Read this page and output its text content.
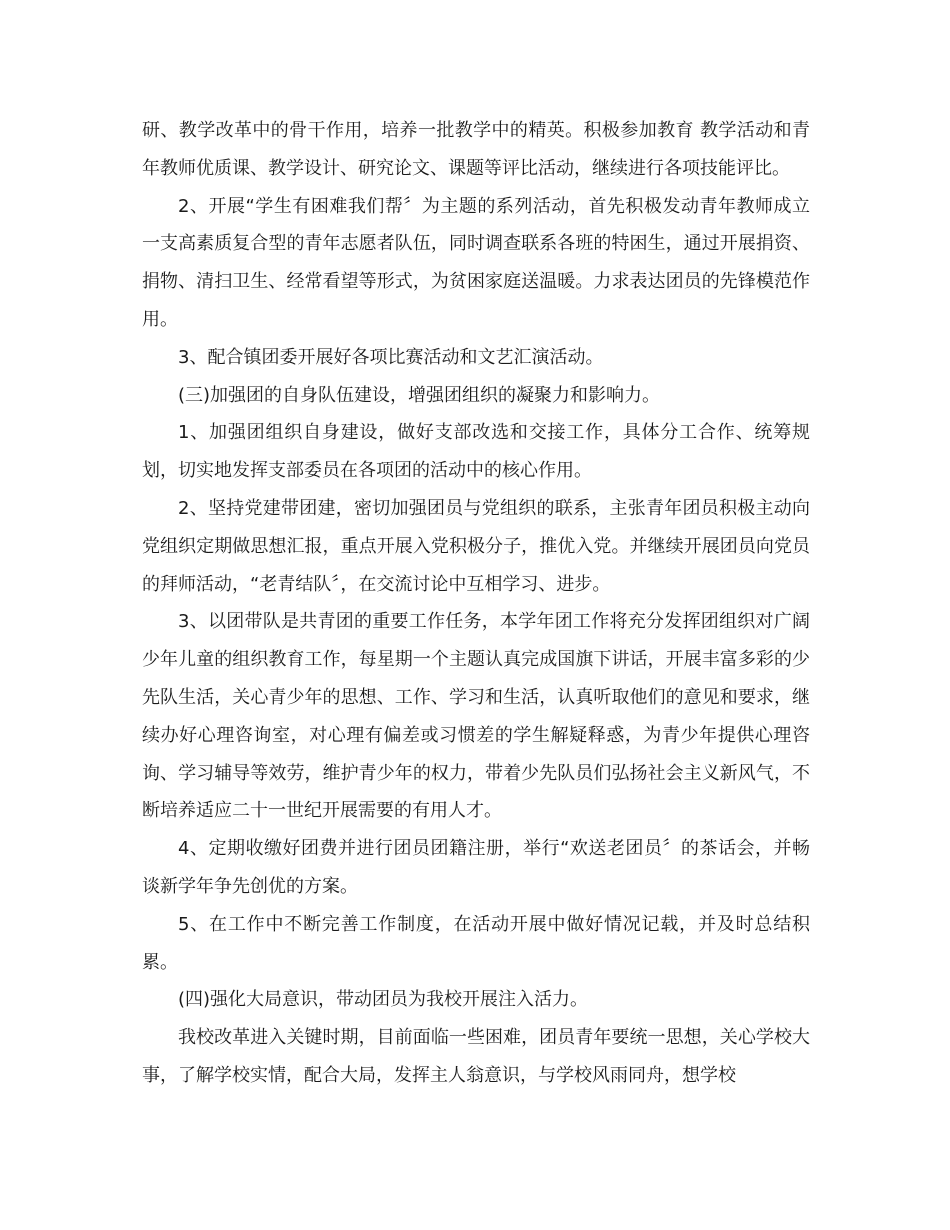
研、教学改革中的骨干作用，培养一批教学中的精英。积极参加教育 教学活动和青年教师优质课、教学设计、研究论文、课题等评比活动，继续进行各项技能评比。

2、开展“学生有困难我们帮〞为主题的系列活动，首先积极发动青年教师成立一支高素质复合型的青年志愿者队伍，同时调查联系各班的特困生，通过开展捐资、捐物、清扫卫生、经常看望等形式，为贫困家庭送温暖。力求表达团员的先锋模范作用。

3、配合镇团委开展好各项比赛活动和文艺汇演活动。

(三)加强团的自身队伍建设，增强团组织的凝聚力和影响力。

1、加强团组织自身建设，做好支部改选和交接工作，具体分工合作、统筹规划，切实地发挥支部委员在各项团的活动中的核心作用。

2、坚持党建带团建，密切加强团员与党组织的联系，主张青年团员积极主动向党组织定期做思想汇报，重点开展入党积极分子，推优入党。并继续开展团员向党员的拜师活动，“老青结队〞，在交流讨论中互相学习、进步。

3、以团带队是共青团的重要工作任务，本学年团工作将充分发挥团组织对广阔少年儿童的组织教育工作，每星期一个主题认真完成国旗下讲话，开展丰富多彩的少先队生活，关心青少年的思想、工作、学习和生活，认真听取他们的意见和要求，继续办好心理咨询室，对心理有偏差或习惯差的学生解疑释惑，为青少年提供心理咨询、学习辅导等效劳，维护青少年的权力，带着少先队员们弘扬社会主义新风气，不断培养适应二十一世纪开展需要的有用人才。

4、定期收缴好团费并进行团员团籍注册，举行“欢送老团员〞的茶话会，并畅谈新学年争先创优的方案。

5、在工作中不断完善工作制度，在活动开展中做好情况记载，并及时总结积累。

(四)强化大局意识，带动团员为我校开展注入活力。

我校改革进入关键时期，目前面临一些困难，团员青年要统一思想，关心学校大事，了解学校实情，配合大局，发挥主人翁意识，与学校风雨同舟，想学校
